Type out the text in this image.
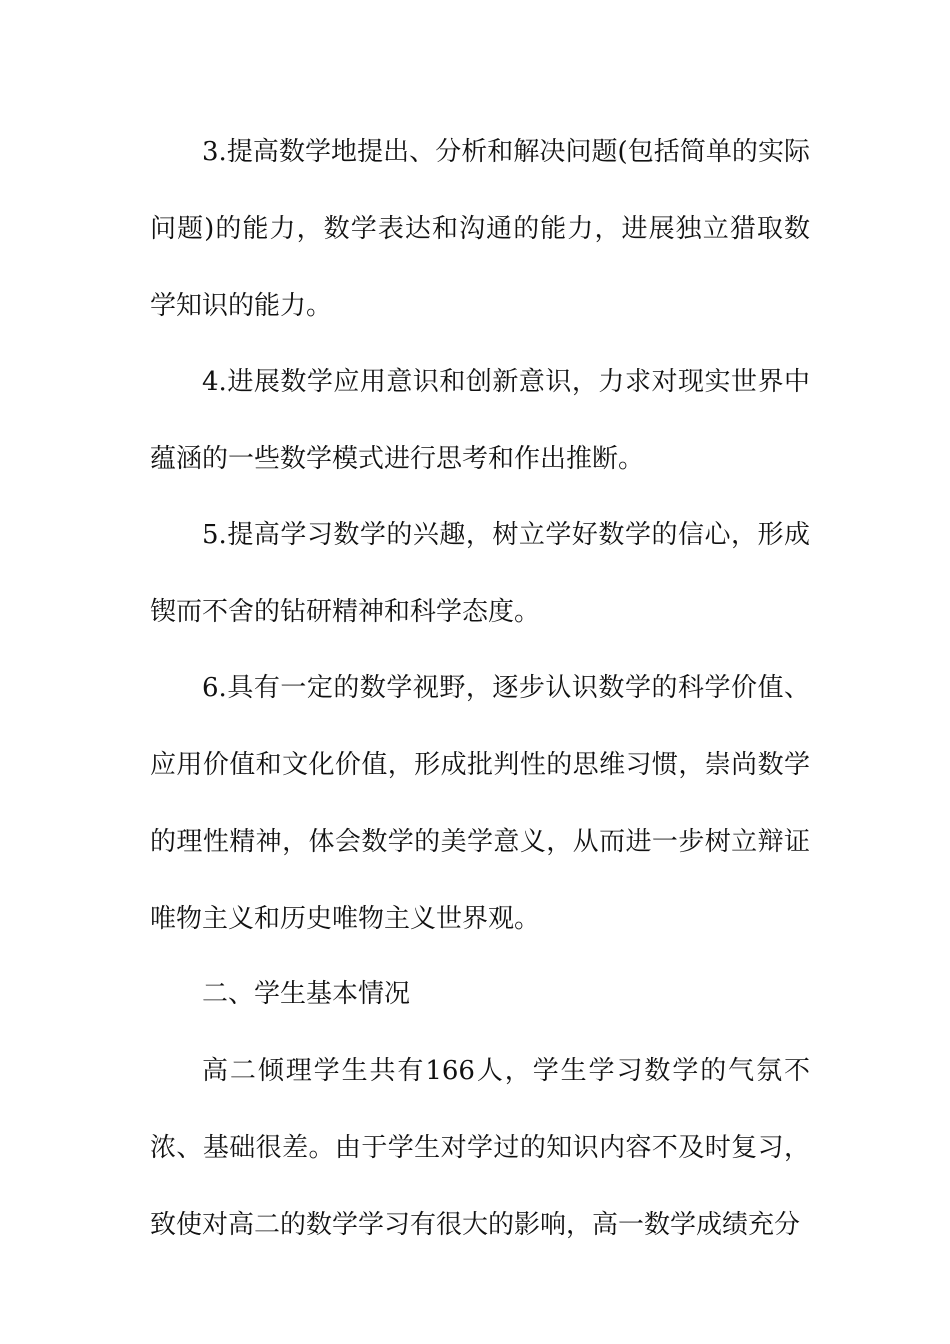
3.提高数学地提出、分析和解决问题(包括简单的实际问题)的能力，数学表达和沟通的能力，进展独立猎取数学知识的能力。

4.进展数学应用意识和创新意识，力求对现实世界中蕴涵的一些数学模式进行思考和作出推断。

5.提高学习数学的兴趣，树立学好数学的信心，形成锲而不舍的钻研精神和科学态度。

6.具有一定的数学视野，逐步认识数学的科学价值、应用价值和文化价值，形成批判性的思维习惯，崇尚数学的理性精神，体会数学的美学意义，从而进一步树立辩证唯物主义和历史唯物主义世界观。

二、学生基本情况

高二倾理学生共有166人，学生学习数学的气氛不浓、基础很差。由于学生对学过的知识内容不及时复习，致使对高二的数学学习有很大的影响，高一数学成绩充分
